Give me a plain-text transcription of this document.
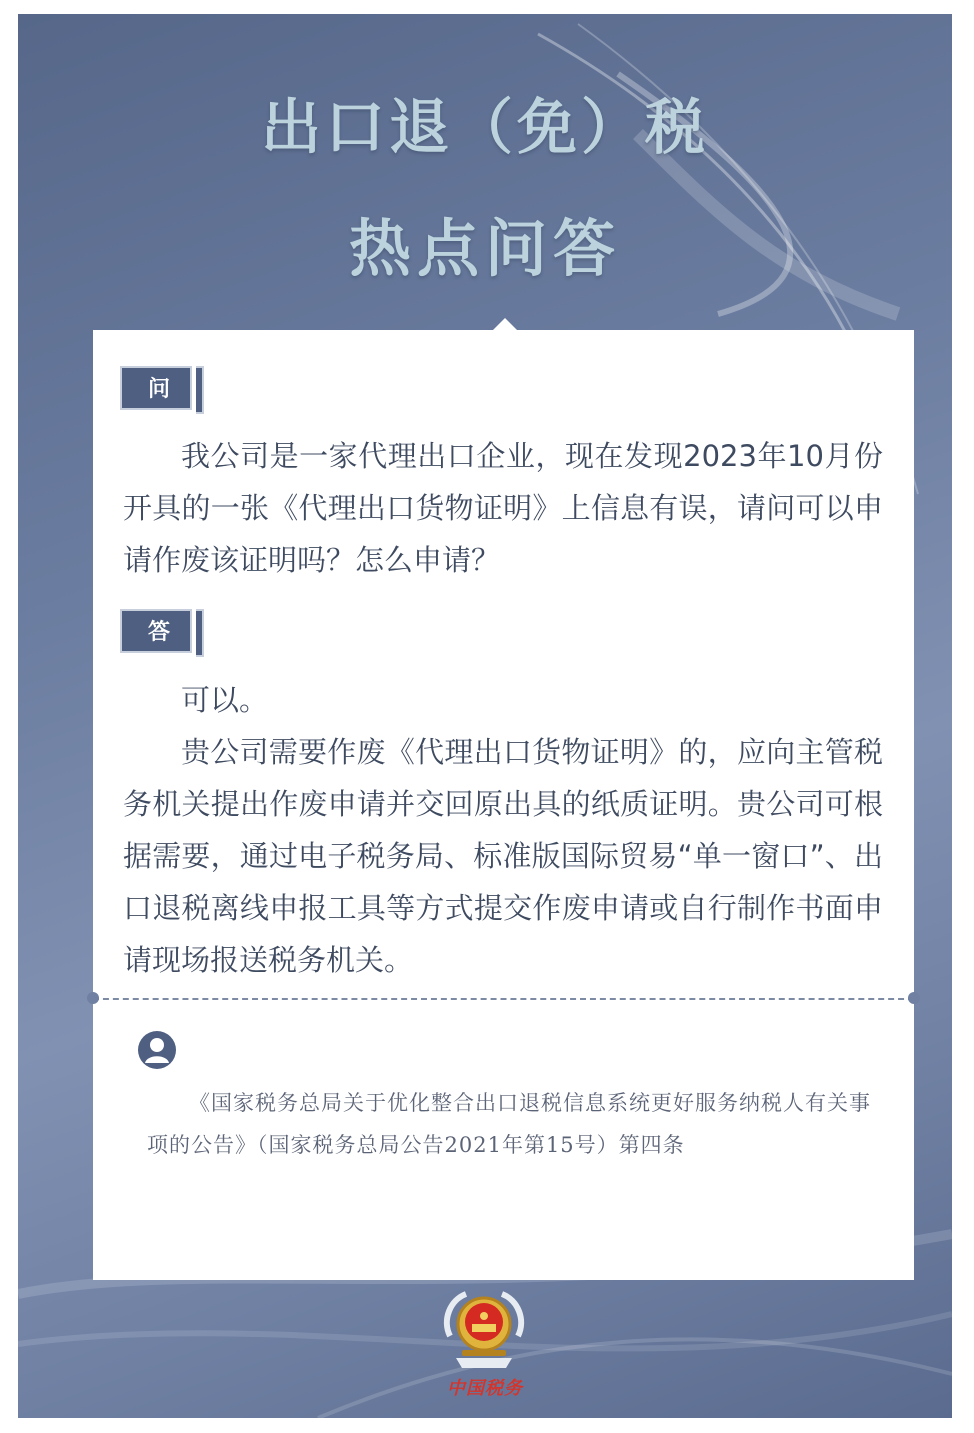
出口退（免）税
热点问答
问

我公司是一家代理出口企业，现在发现2023年10月份开具的一张《代理出口货物证明》上信息有误，请问可以申请作废该证明吗？怎么申请？

答

可以。

贵公司需要作废《代理出口货物证明》的，应向主管税务机关提出作废申请并交回原出具的纸质证明。贵公司可根据需要，通过电子税务局、标准版国际贸易“单一窗口”、出口退税离线申报工具等方式提交作废申请或自行制作书面申请现场报送税务机关。

《国家税务总局关于优化整合出口退税信息系统更好服务纳税人有关事项的公告》（国家税务总局公告2021年第15号）第四条

中国税务
